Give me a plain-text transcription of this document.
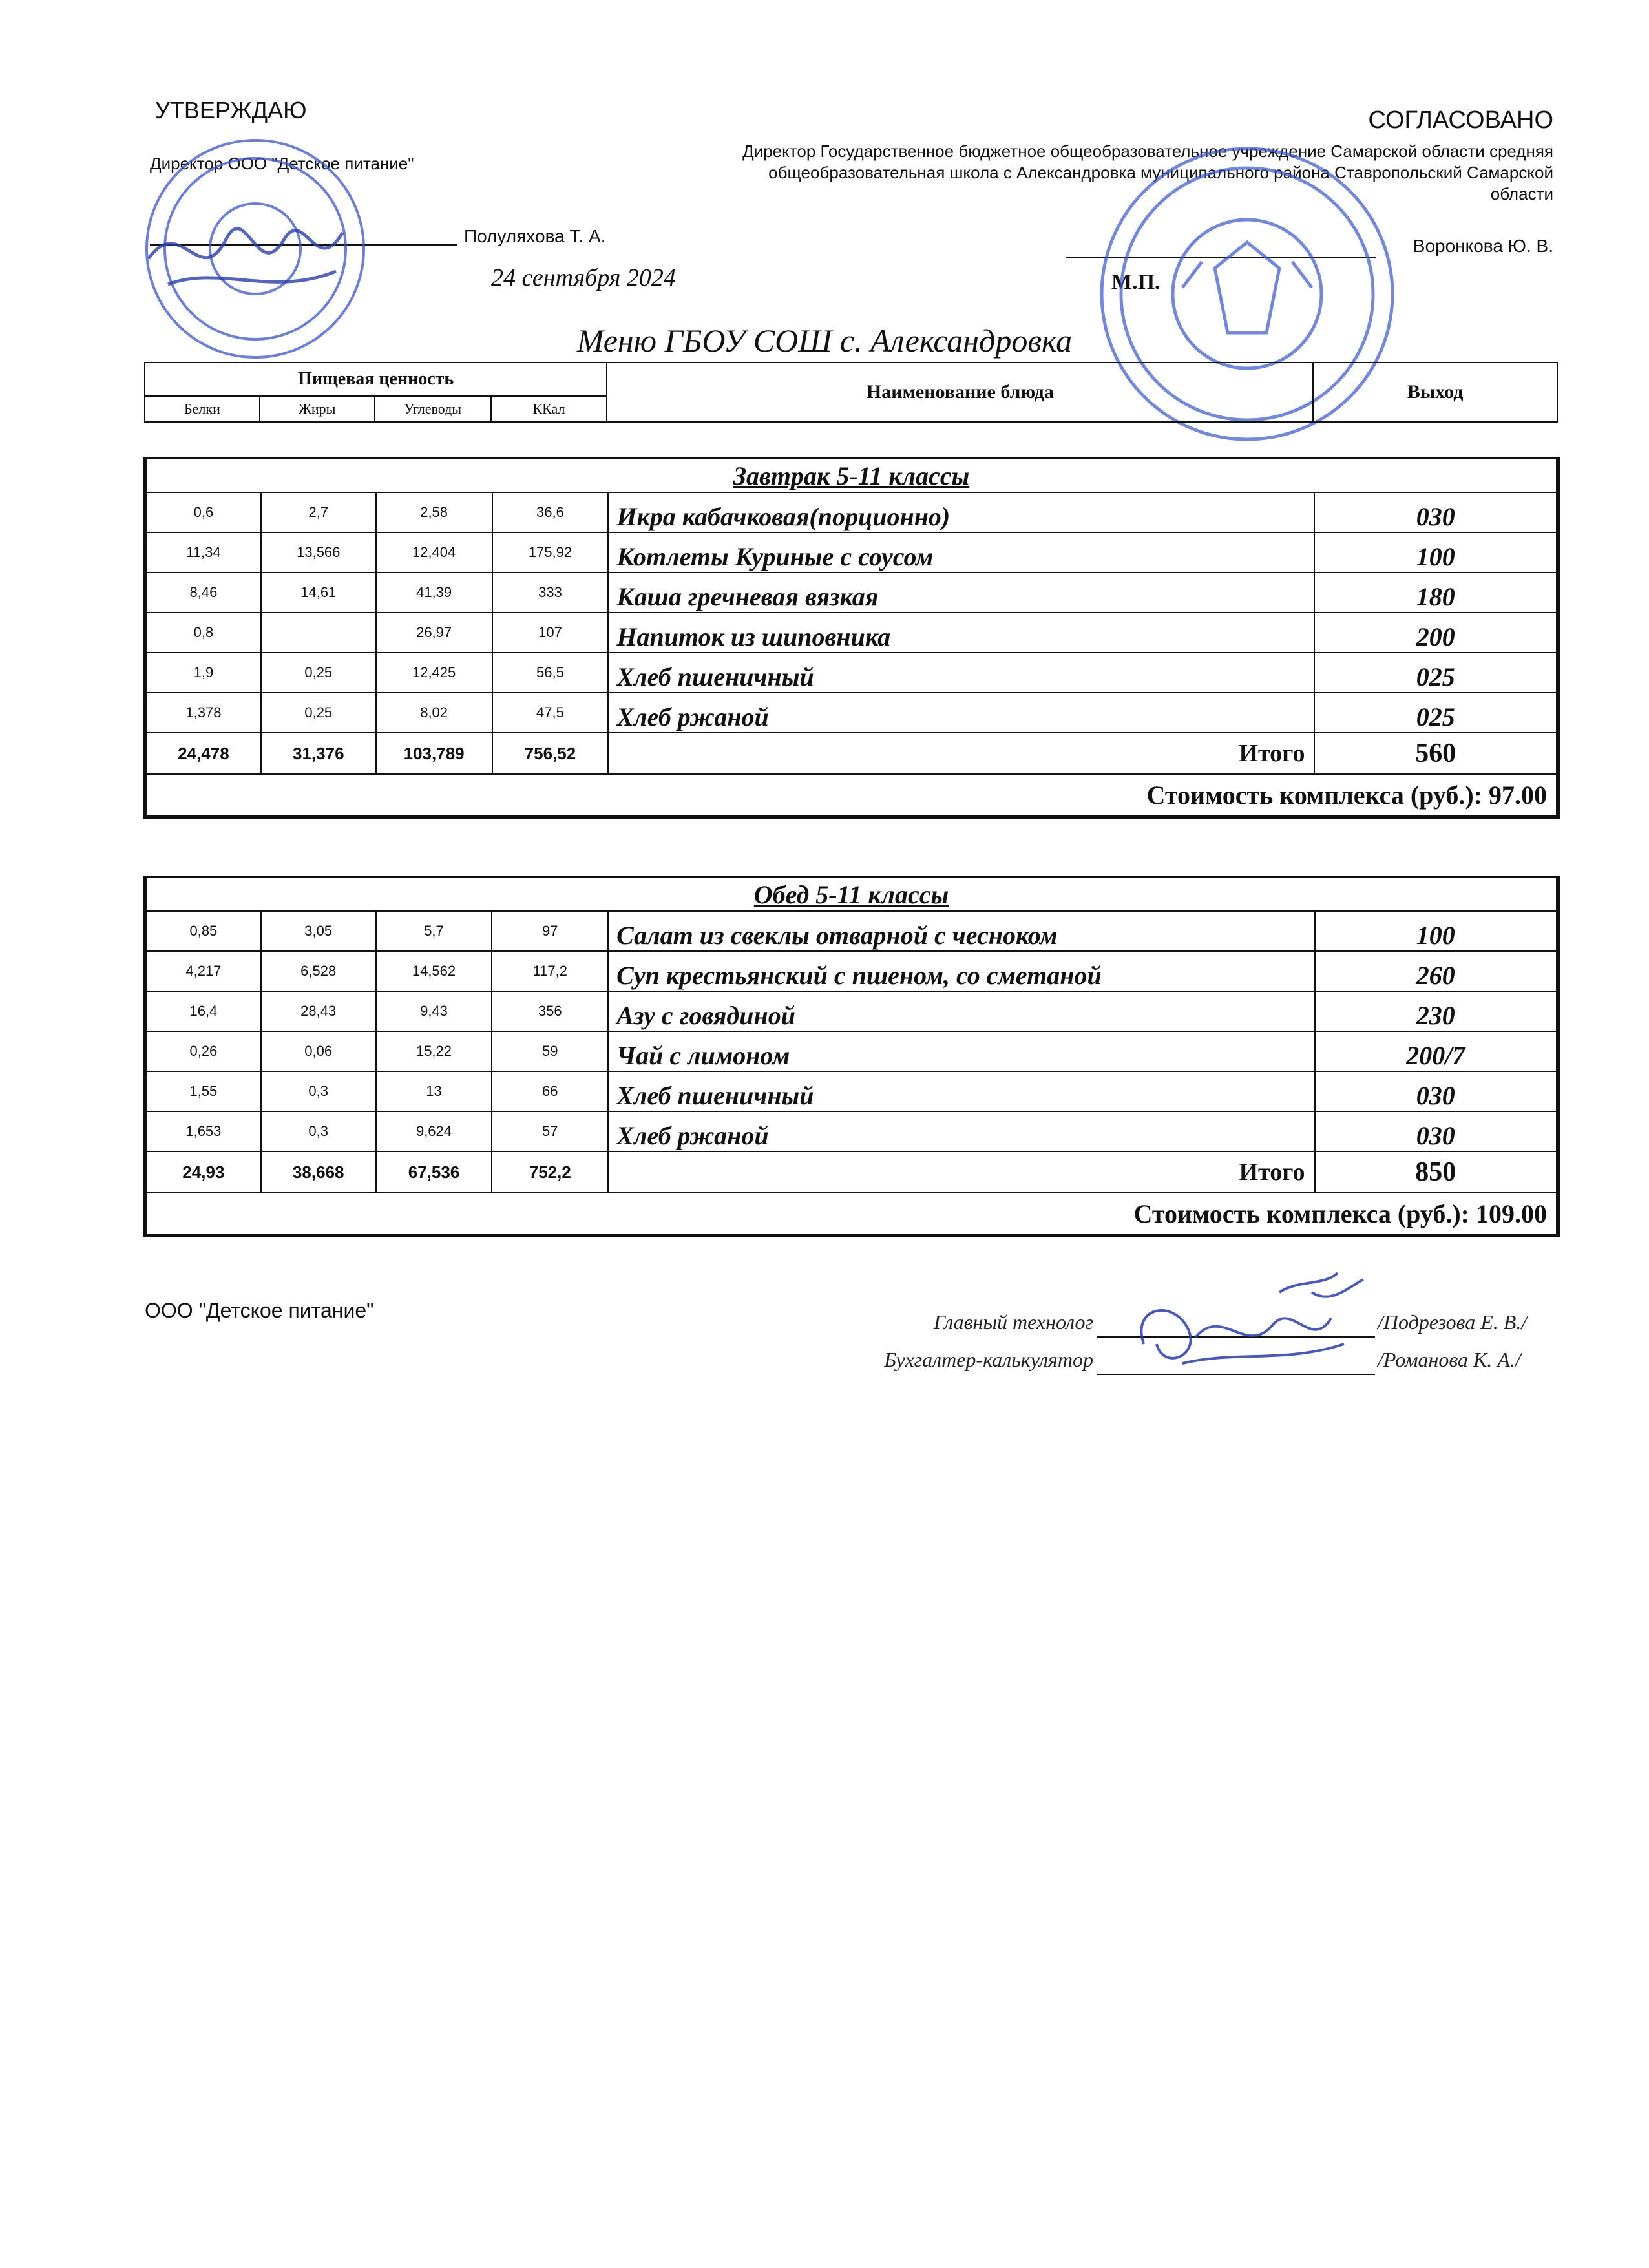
УТВЕРЖДАЮ
Директор ООО "Детское питание"
Полуляхова Т. А.
24 сентября 2024
СОГЛАСОВАНО
Директор Государственное бюджетное общеобразовательное учреждение Самарской области средняя общеобразовательная школа с Александровка муниципального района Ставропольский Самарской области
Воронкова Ю. В.
М.П.
Меню ГБОУ СОШ с. Александровка
Пищевая ценность				Наименование блюда	Выход
Белки	Жиры	Углеводы	ККал		
Завтрак 5-11 классы					
0,6	2,7	2,58	36,6	Икра кабачковая(порционно)	030
11,34	13,566	12,404	175,92	Котлеты Куриные с соусом	100
8,46	14,61	41,39	333	Каша гречневая вязкая	180
0,8		26,97	107	Напиток из шиповника	200
1,9	0,25	12,425	56,5	Хлеб пшеничный	025
1,378	0,25	8,02	47,5	Хлеб ржаной	025
24,478	31,376	103,789	756,52	Итого	560
Стоимость комплекса (руб.): 97.00					
Обед 5-11 классы					
0,85	3,05	5,7	97	Салат из свеклы отварной с чесноком	100
4,217	6,528	14,562	117,2	Суп крестьянский с пшеном, со сметаной	260
16,4	28,43	9,43	356	Азу с говядиной	230
0,26	0,06	15,22	59	Чай с лимоном	200/7
1,55	0,3	13	66	Хлеб пшеничный	030
1,653	0,3	9,624	57	Хлеб ржаной	030
24,93	38,668	67,536	752,2	Итого	850
Стоимость комплекса (руб.): 109.00					
ООО "Детское питание"	Главный технолог	/Подрезова Е. В./
Бухгалтер-калькулятор	/Романова К. А./
